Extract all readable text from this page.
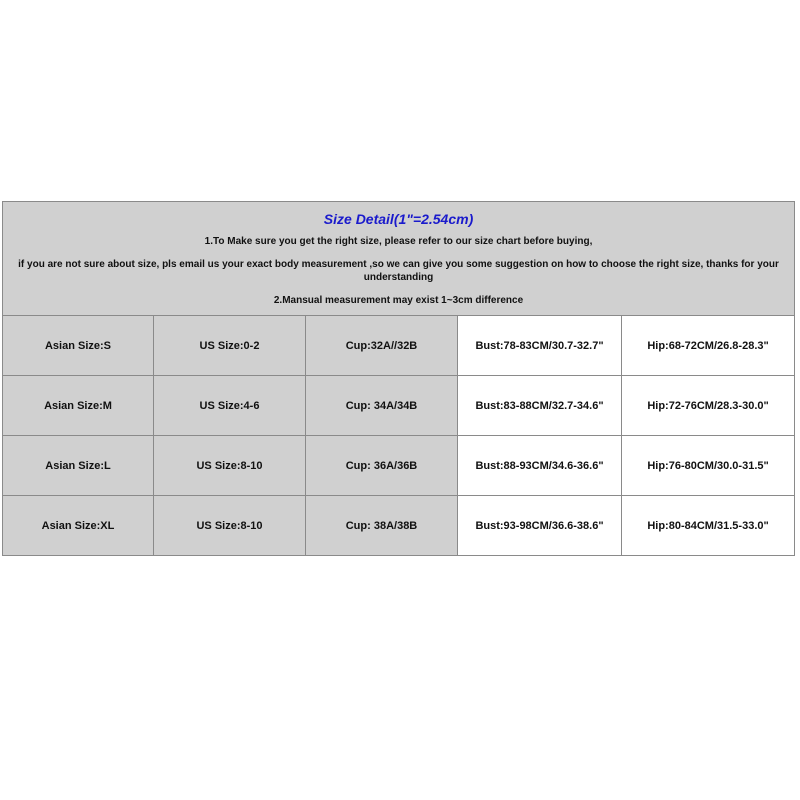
Size Detail(1"=2.54cm)
1.To Make sure you get the right size, please refer to our size chart before buying,
if you are not sure about size, pls email us your exact body measurement ,so we can give you some suggestion on how to choose the right size, thanks for your understanding
2.Mansual measurement may exist 1~3cm difference				

Asian Size:S	US Size:0-2	Cup:32A//32B	Bust:78-83CM/30.7-32.7"	Hip:68-72CM/26.8-28.3"
Asian Size:M	US Size:4-6	Cup: 34A/34B	Bust:83-88CM/32.7-34.6"	Hip:72-76CM/28.3-30.0"
Asian Size:L	US Size:8-10	Cup: 36A/36B	Bust:88-93CM/34.6-36.6"	Hip:76-80CM/30.0-31.5"
Asian Size:XL	US Size:8-10	Cup: 38A/38B	Bust:93-98CM/36.6-38.6"	Hip:80-84CM/31.5-33.0"
